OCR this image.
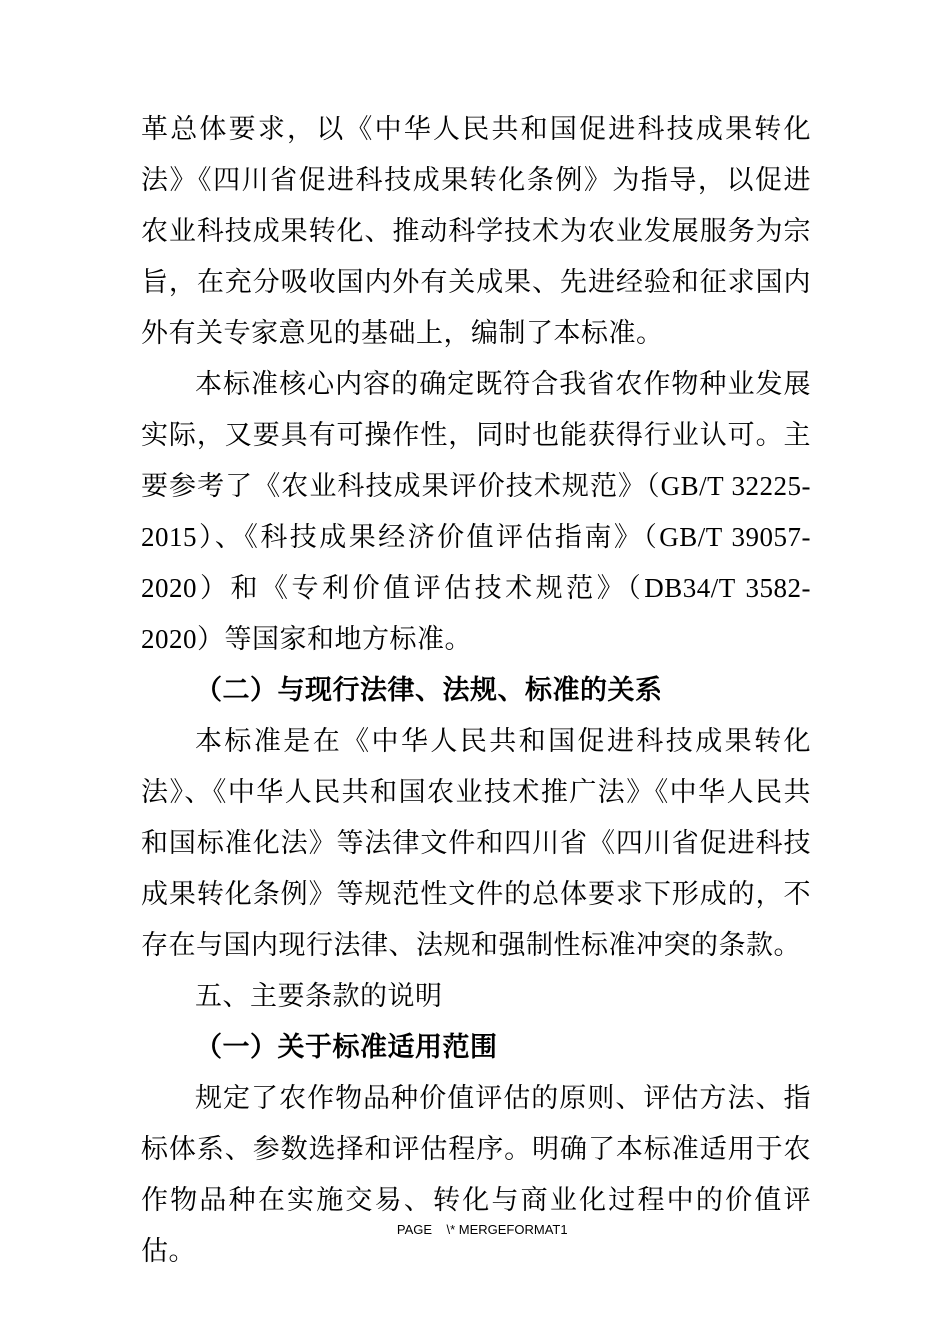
革总体要求，以《中华人民共和国促进科技成果转化法》《四川省促进科技成果转化条例》为指导，以促进农业科技成果转化、推动科学技术为农业发展服务为宗旨，在充分吸收国内外有关成果、先进经验和征求国内外有关专家意见的基础上，编制了本标准。

本标准核心内容的确定既符合我省农作物种业发展实际，又要具有可操作性，同时也能获得行业认可。主要参考了《农业科技成果评价技术规范》（GB/T 32225-2015）、《科技成果经济价值评估指南》（GB/T 39057-2020）和《专利价值评估技术规范》（DB34/T 3582-2020）等国家和地方标准。

（二）与现行法律、法规、标准的关系

本标准是在《中华人民共和国促进科技成果转化法》、《中华人民共和国农业技术推广法》《中华人民共和国标准化法》等法律文件和四川省《四川省促进科技成果转化条例》等规范性文件的总体要求下形成的，不存在与国内现行法律、法规和强制性标准冲突的条款。

五、主要条款的说明

（一）关于标准适用范围

规定了农作物品种价值评估的原则、评估方法、指标体系、参数选择和评估程序。明确了本标准适用于农作物品种在实施交易、转化与商业化过程中的价值评估。

PAGE    \* MERGEFORMAT1
